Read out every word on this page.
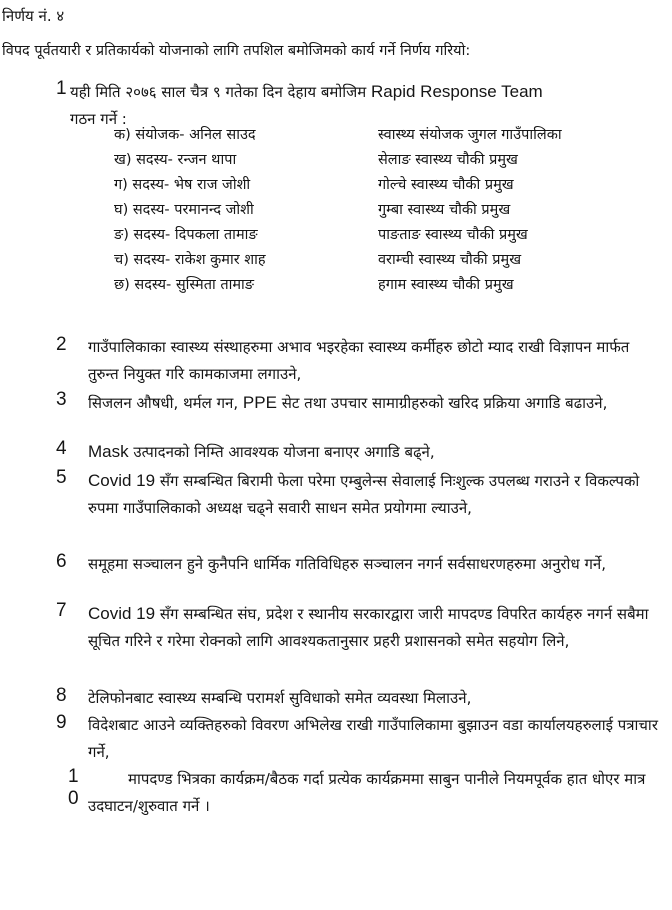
निर्णय नं. ४
विपद पूर्वतयारी र प्रतिकार्यको योजनाको लागि तपशिल बमोजिमको कार्य गर्ने निर्णय गरियो:
1 यही मिति २०७६ साल चैत्र ९ गतेका दिन देहाय बमोजिम Rapid Response Team
गठन गर्ने :
क) संयोजक- अनिल साउद	स्वास्थ्य संयोजक जुगल गाउँपालिका
ख) सदस्य- रन्जन थापा	सेलाङ स्वास्थ्य चौकी प्रमुख
ग) सदस्य- भेष राज जोशी	गोल्चे स्वास्थ्य चौकी प्रमुख
घ) सदस्य- परमानन्द जोशी	गुम्बा स्वास्थ्य चौकी प्रमुख
ङ) सदस्य- दिपकला तामाङ	पाङताङ स्वास्थ्य चौकी प्रमुख
च) सदस्य- राकेश कुमार शाह	वराम्ची स्वास्थ्य चौकी प्रमुख
छ) सदस्य- सुस्मिता तामाङ	हगाम स्वास्थ्य चौकी प्रमुख
2 गाउँपालिकाका स्वास्थ्य संस्थाहरुमा अभाव भइरहेका स्वास्थ्य कर्मीहरु छोटो म्याद राखी विज्ञापन मार्फत तुरुन्त नियुक्त गरि कामकाजमा लगाउने,
3 सिजलन औषधी, थर्मल गन, PPE सेट तथा उपचार सामाग्रीहरुको खरिद प्रक्रिया अगाडि बढाउने,
4 Mask उत्पादनको निम्ति आवश्यक योजना बनाएर अगाडि बढ्ने,
5 Covid 19 सँग सम्बन्धित बिरामी फेला परेमा एम्बुलेन्स सेवालाई निःशुल्क उपलब्ध गराउने र विकल्पको रुपमा गाउँपालिकाको अध्यक्ष चढ्ने सवारी साधन समेत प्रयोगमा ल्याउने,
6 समूहमा सञ्चालन हुने कुनैपनि धार्मिक गतिविधिहरु सञ्चालन नगर्न सर्वसाधरणहरुमा अनुरोध गर्ने,
7 Covid 19 सँग सम्बन्धित संघ, प्रदेश र स्थानीय सरकारद्वारा जारी मापदण्ड विपरित कार्यहरु नगर्न सबैमा सूचित गरिने र गरेमा रोक्नको लागि आवश्यकतानुसार प्रहरी प्रशासनको समेत सहयोग लिने,
8 टेलिफोनबाट स्वास्थ्य सम्बन्धि परामर्श सुविधाको समेत व्यवस्था मिलाउने,
9 विदेशबाट आउने व्यक्तिहरुको विवरण अभिलेख राखी गाउँपालिकामा बुझाउन वडा कार्यालयहरुलाई पत्राचार गर्ने,
1 0
मापदण्ड भित्रका कार्यक्रम/बैठक गर्दा प्रत्येक कार्यक्रममा साबुन पानीले नियमपूर्वक हात धोएर मात्र उदघाटन/शुरुवात गर्ने ।
